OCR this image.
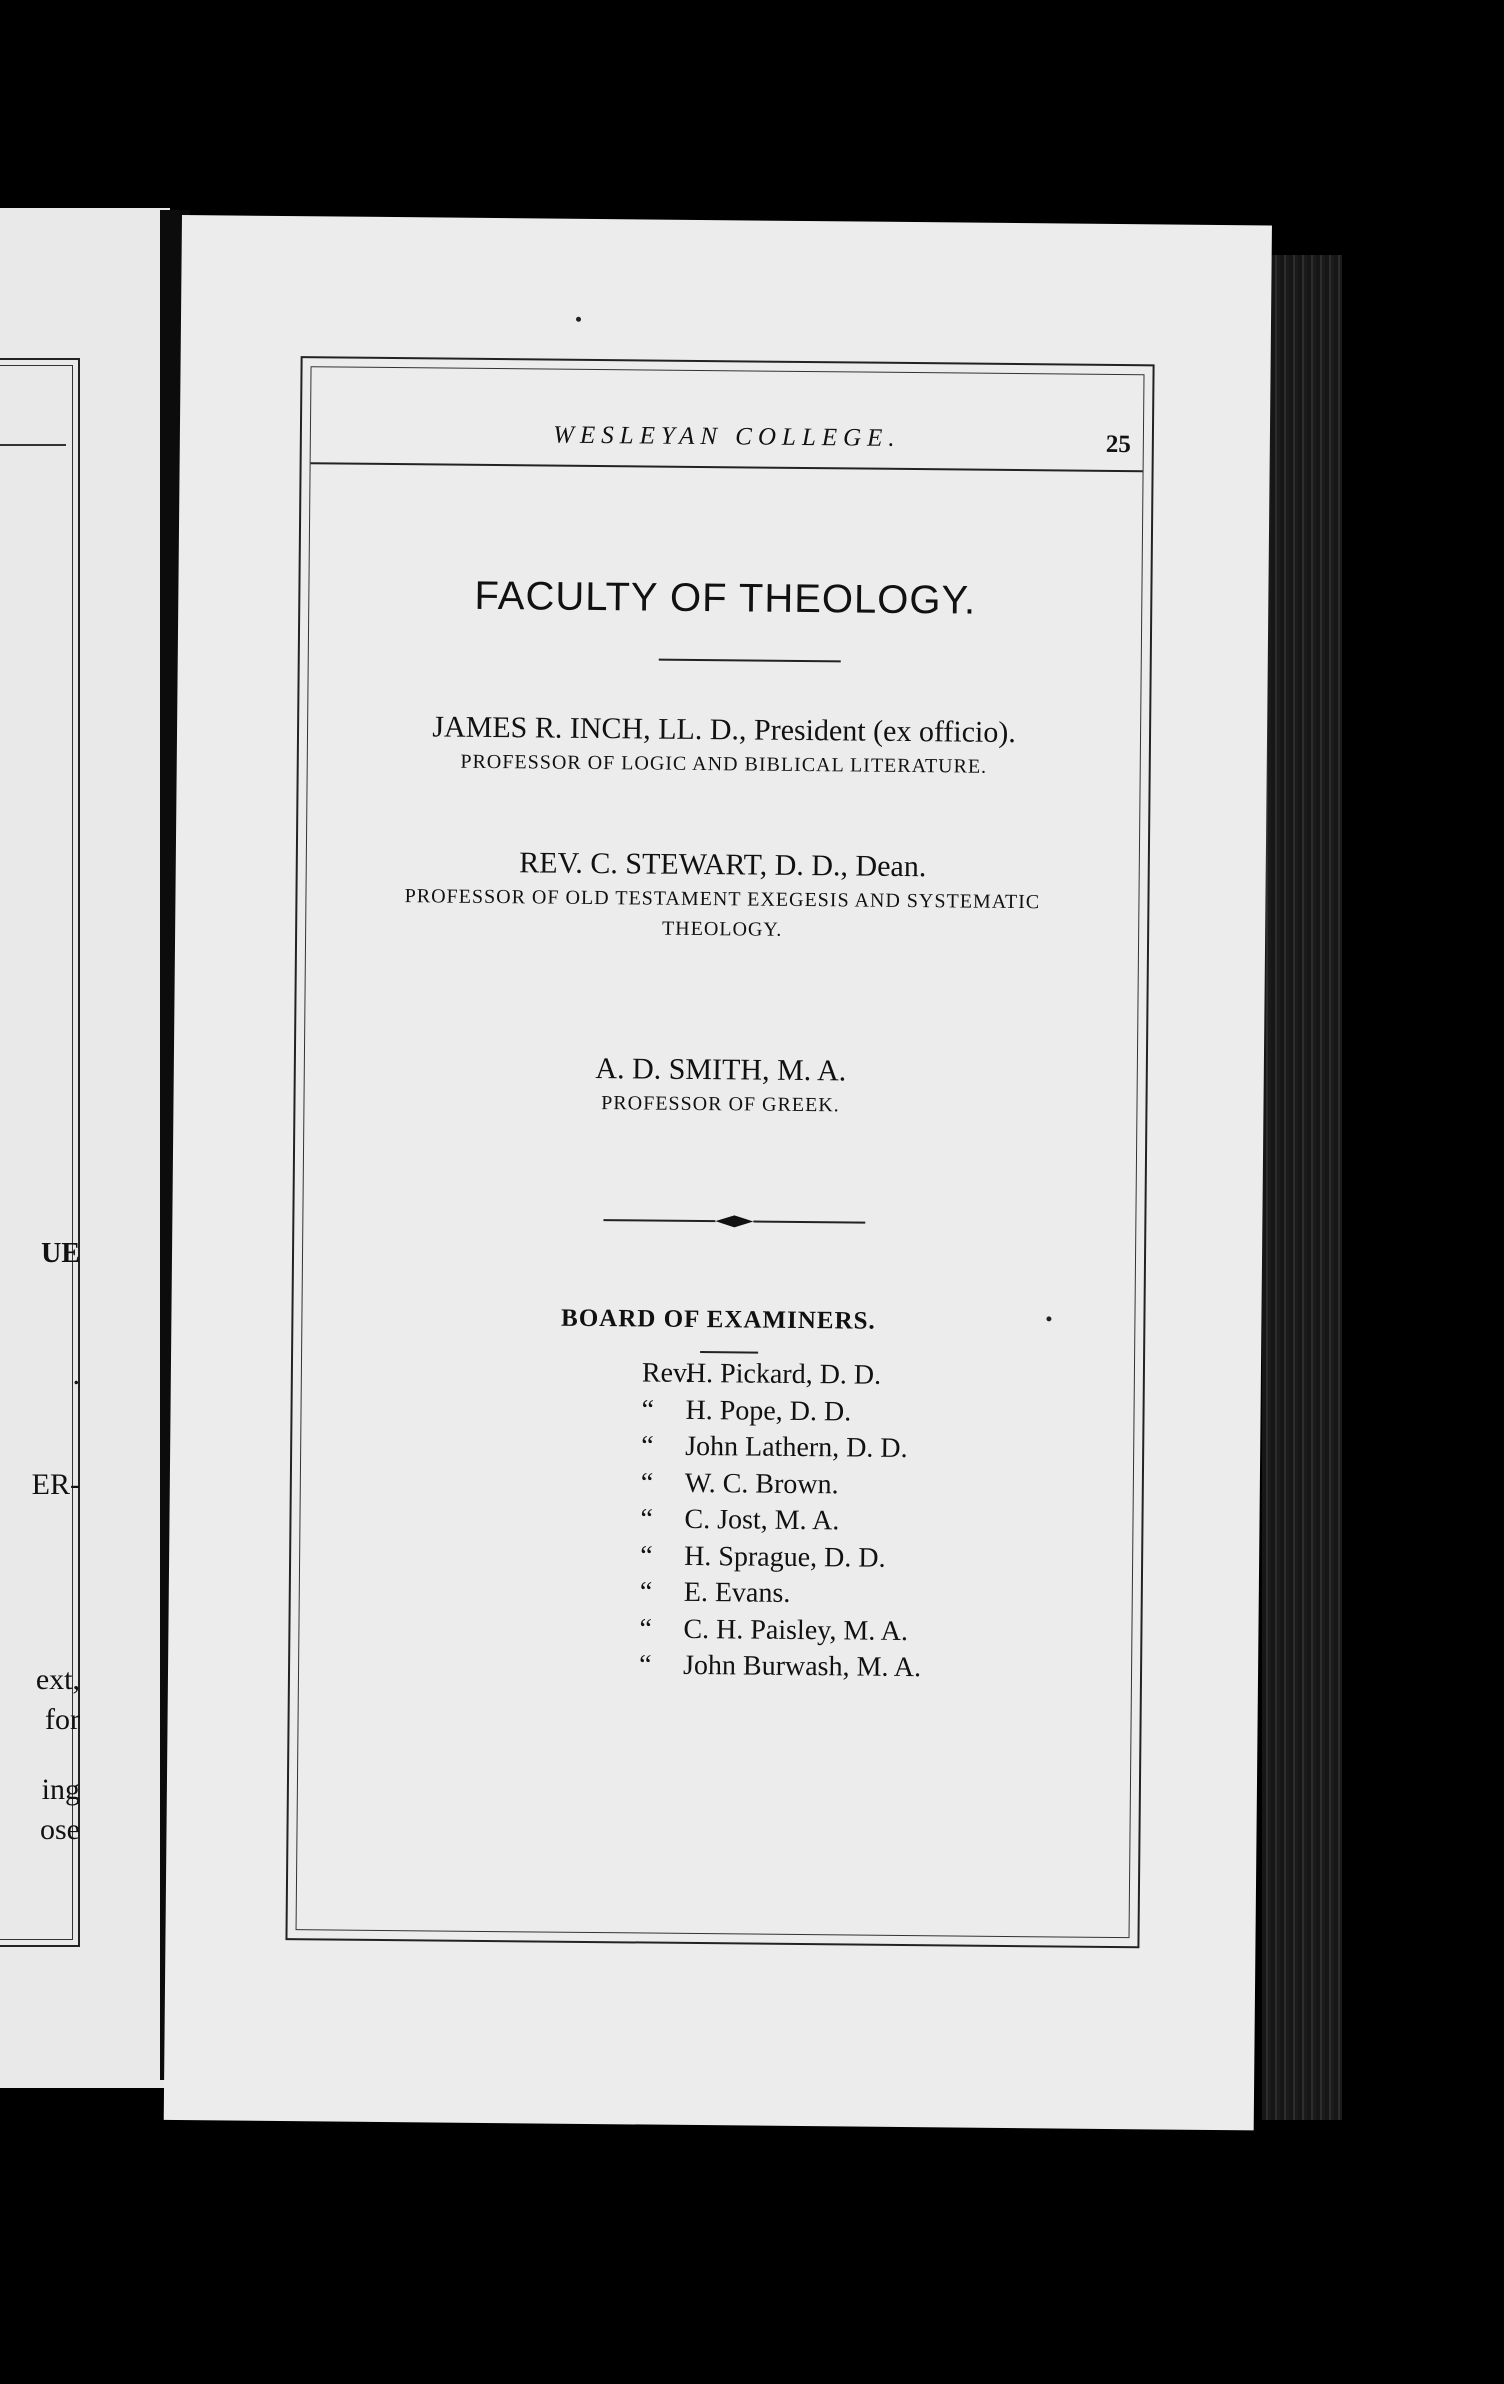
UE
.
ER-
ext,
for
ing
ose
WESLEYAN COLLEGE.	25
FACULTY OF THEOLOGY.
JAMES R. INCH, LL. D., President (ex officio).
PROFESSOR OF LOGIC AND BIBLICAL LITERATURE.
REV. C. STEWART, D. D., Dean.
PROFESSOR OF OLD TESTAMENT EXEGESIS AND SYSTEMATIC
THEOLOGY.
A. D. SMITH, M. A.
PROFESSOR OF GREEK.
BOARD OF EXAMINERS.
Rev.H. Pickard, D. D.
“ H. Pope, D. D.
“ John Lathern, D. D.
“ W. C. Brown.
“ C. Jost, M. A.
“ H. Sprague, D. D.
“ E. Evans.
“ C. H. Paisley, M. A.
“ John Burwash, M. A.
